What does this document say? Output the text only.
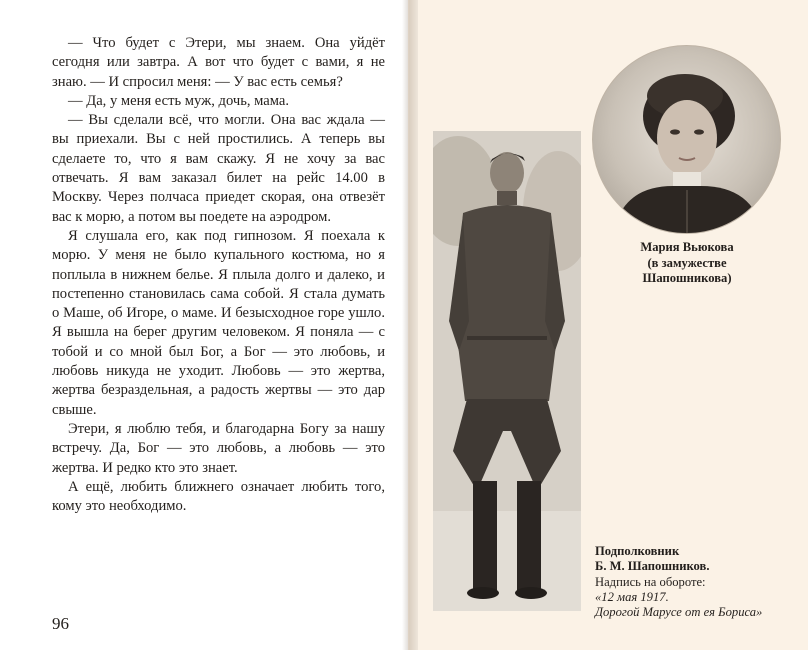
— Что будет с Этери, мы знаем. Она уйдёт сегодня или завтра. А вот что будет с вами, я не знаю. — И спросил меня: — У вас есть семья?

— Да, у меня есть муж, дочь, мама.

— Вы сделали всё, что могли. Она вас ждала — вы приехали. Вы с ней простились. А теперь вы сделаете то, что я вам скажу. Я не хочу за вас отвечать. Я вам заказал билет на рейс 14.00 в Москву. Через полчаса приедет скорая, она отвезёт вас к морю, а потом вы поедете на аэродром.

Я слушала его, как под гипнозом. Я поехала к морю. У меня не было купального костюма, но я поплыла в нижнем белье. Я плыла долго и далеко, и постепенно становилась сама собой. Я стала думать о Маше, об Игоре, о маме. И безысходное горе ушло. Я вышла на берег другим человеком. Я поняла — с тобой и со мной был Бог, а Бог — это любовь, и любовь никуда не уходит. Любовь — это жертва, жертва безраздельная, а радость жертвы — это дар свыше.

Этери, я люблю тебя, и благодарна Богу за нашу встречу. Да, Бог — это любовь, а любовь — это жертва. И редко кто это знает.

А ещё, любить ближнего означает любить того, кому это необходимо.

96
Мария Вьюкова
(в замужестве
Шапошникова)
Подполковник
Б. М. Шапошников.
Надпись на обороте:
«12 мая 1917.
Дорогой Марусе от ея Бориса»
